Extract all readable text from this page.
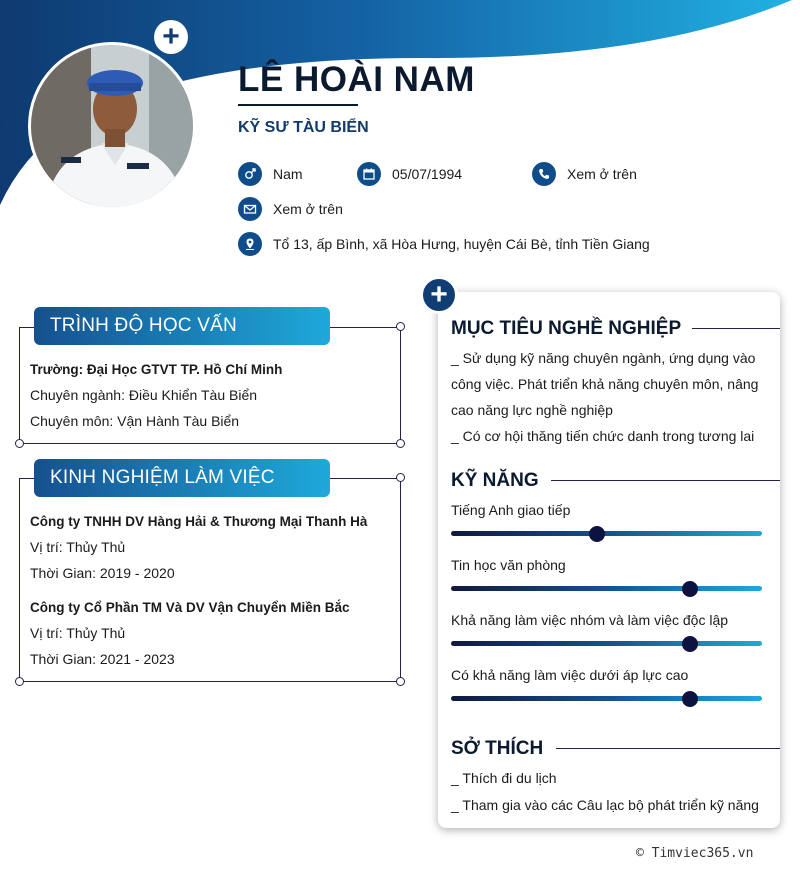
+
LÊ HOÀI NAM
KỸ SƯ TÀU BIỂN
Nam	05/07/1994	Xem ở trên
Xem ở trên
Tổ 13, ấp Bình, xã Hòa Hưng, huyện Cái Bè, tỉnh Tiền Giang
TRÌNH ĐỘ HỌC VẤN
Trường: Đại Học GTVT TP. Hồ Chí Minh
Chuyên ngành: Điều Khiển Tàu Biển
Chuyên môn: Vận Hành Tàu Biển
KINH NGHIỆM LÀM VIỆC
Công ty TNHH DV Hàng Hải & Thương Mại Thanh Hà
Vị trí: Thủy Thủ
Thời Gian: 2019 - 2020
Công ty Cổ Phần TM Và DV Vận Chuyển Miền Bắc
Vị trí: Thủy Thủ
Thời Gian: 2021 - 2023
+
MỤC TIÊU NGHỀ NGHIỆP
_ Sử dụng kỹ năng chuyên ngành, ứng dụng vào
công việc. Phát triển khả năng chuyên môn, nâng
cao năng lực nghề nghiệp
_ Có cơ hội thăng tiến chức danh trong tương lai
KỸ NĂNG
Tiếng Anh giao tiếp
Tin học văn phòng
Khả năng làm việc nhóm và làm việc độc lập
Có khả năng làm việc dưới áp lực cao
SỞ THÍCH
_ Thích đi du lịch
_ Tham gia vào các Câu lạc bộ phát triển kỹ năng
© Timviec365.vn
